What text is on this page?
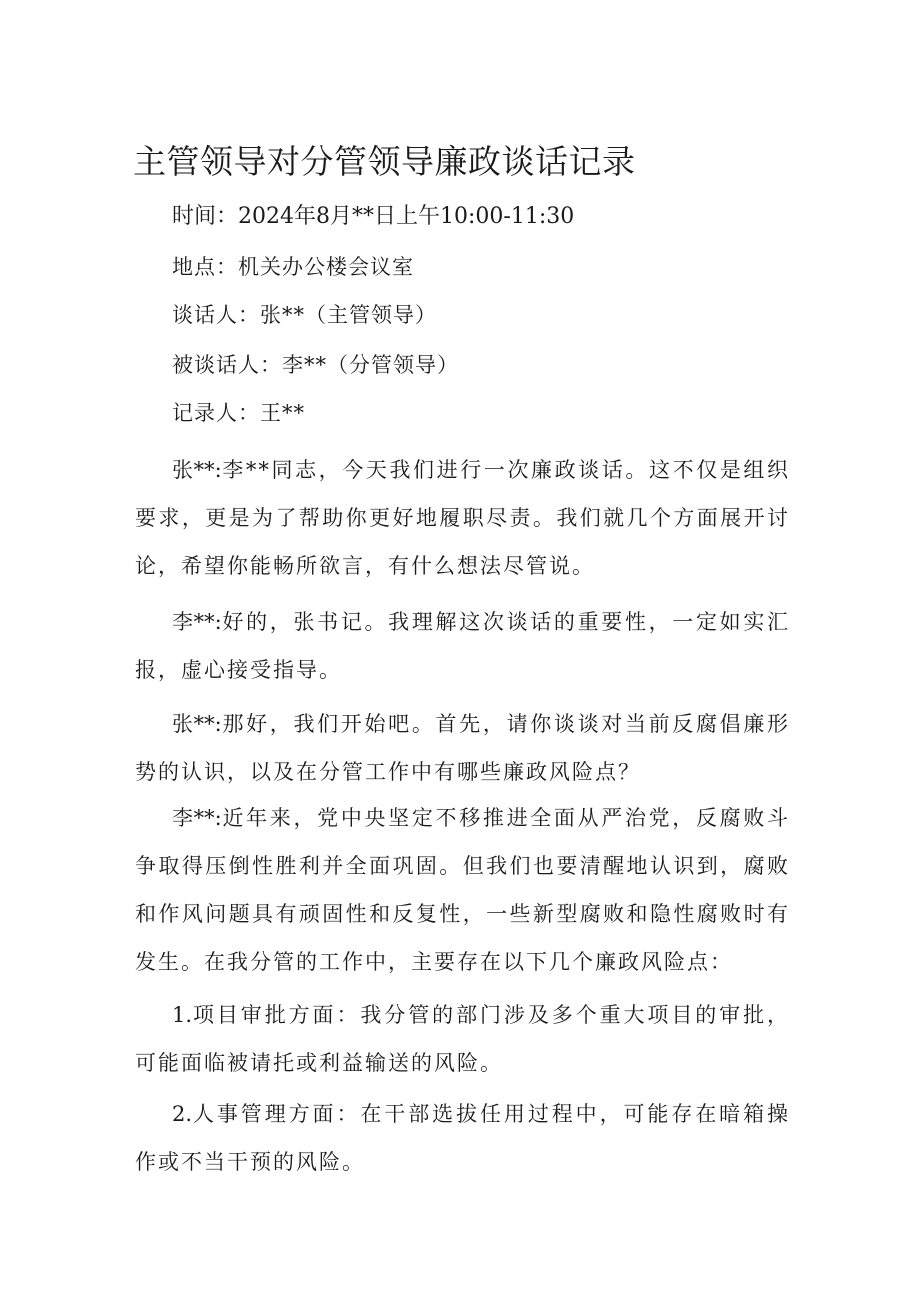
主管领导对分管领导廉政谈话记录

时间：2024年8月**日上午10:00-11:30

地点：机关办公楼会议室

谈话人：张**（主管领导）

被谈话人：李**（分管领导）

记录人：王**

张**:李**同志，今天我们进行一次廉政谈话。这不仅是组织要求，更是为了帮助你更好地履职尽责。我们就几个方面展开讨论，希望你能畅所欲言，有什么想法尽管说。

李**:好的，张书记。我理解这次谈话的重要性，一定如实汇报，虚心接受指导。

张**:那好，我们开始吧。首先，请你谈谈对当前反腐倡廉形势的认识，以及在分管工作中有哪些廉政风险点？

李**:近年来，党中央坚定不移推进全面从严治党，反腐败斗争取得压倒性胜利并全面巩固。但我们也要清醒地认识到，腐败和作风问题具有顽固性和反复性，一些新型腐败和隐性腐败时有发生。在我分管的工作中，主要存在以下几个廉政风险点：

1.项目审批方面：我分管的部门涉及多个重大项目的审批，可能面临被请托或利益输送的风险。

2.人事管理方面：在干部选拔任用过程中，可能存在暗箱操作或不当干预的风险。
